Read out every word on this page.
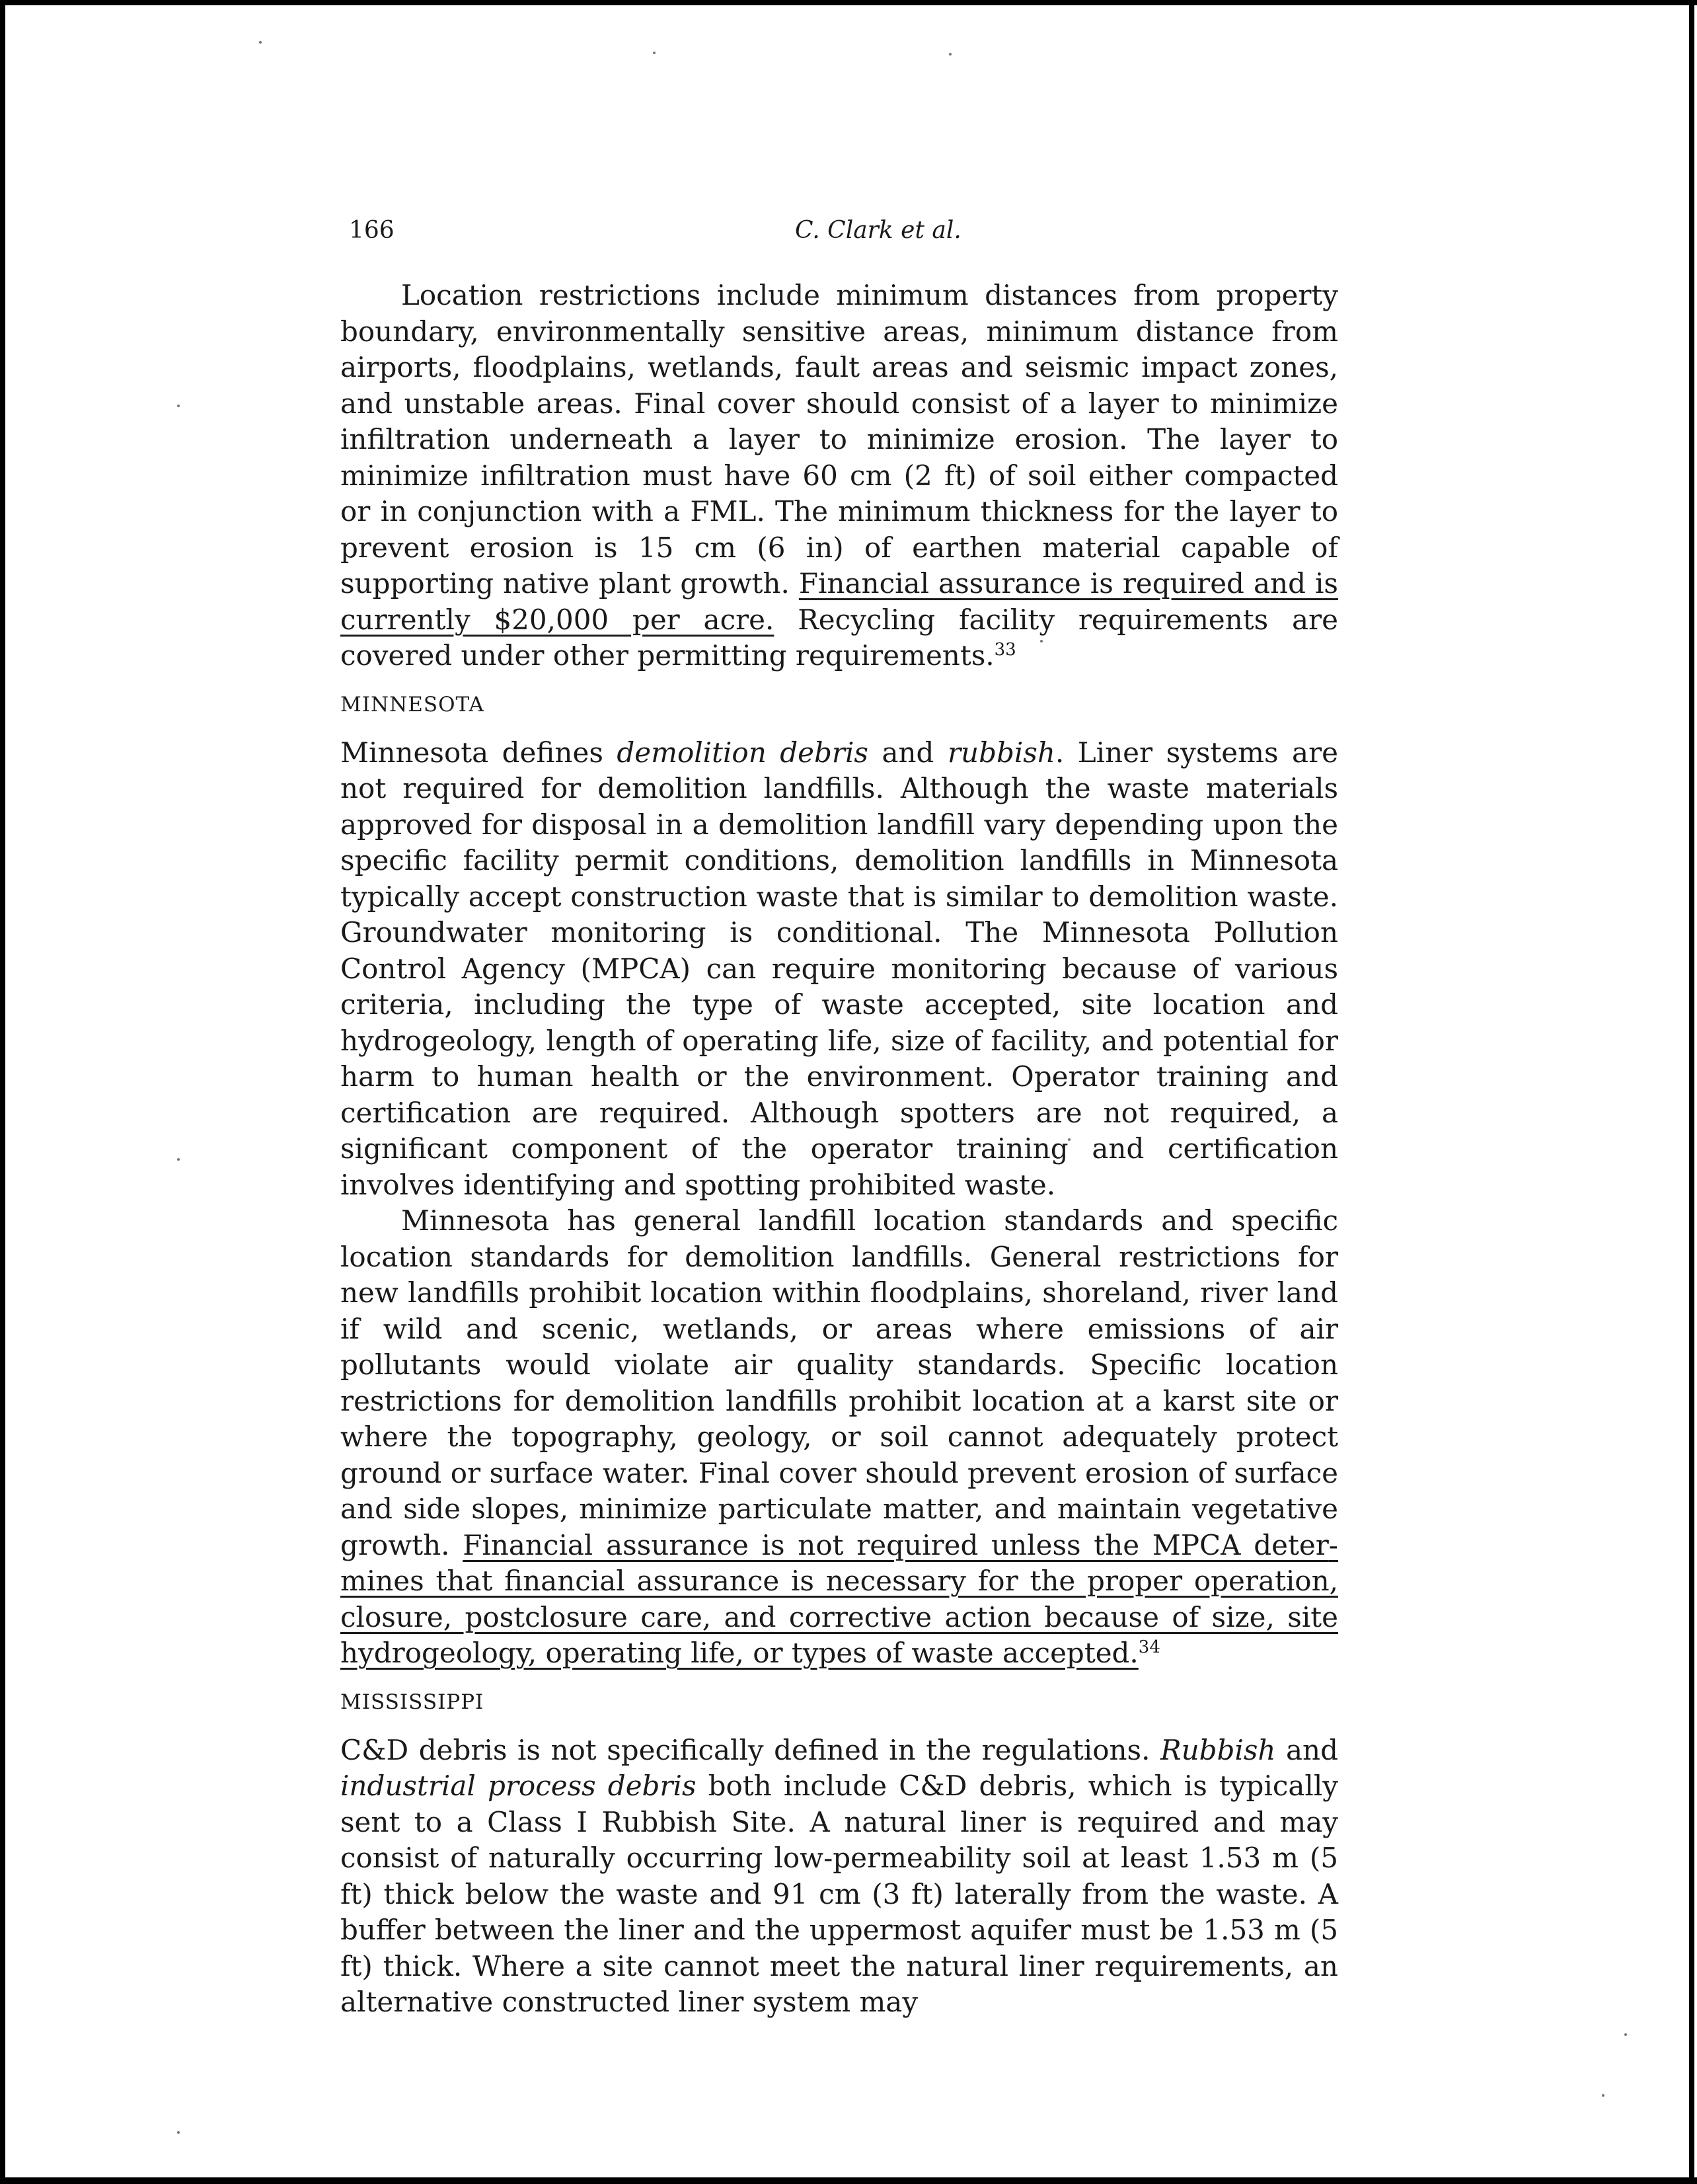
166	C. Clark et al.

Location restrictions include minimum distances from property boundary, environmentally sensitive areas, minimum distance from airports, floodplains, wetlands, fault areas and seismic impact zones, and unstable areas. Final cover should consist of a layer to minimize infiltration underneath a layer to minimize erosion. The layer to minimize infiltration must have 60 cm (2 ft) of soil either compacted or in conjunction with a FML. The minimum thickness for the layer to prevent erosion is 15 cm (6 in) of earthen material capable of supporting native plant growth. Financial assurance is required and is currently $20,000 per acre. Recycling facility requirements are covered under other permitting requirements.$^{33}$

MINNESOTA

Minnesota defines demolition debris and rubbish. Liner systems are not required for demolition landfills. Although the waste materials approved for disposal in a demolition landfill vary depending upon the specific facility permit conditions, demolition landfills in Minnesota typically accept construction waste that is similar to demolition waste. Groundwater monitoring is conditional. The Minnesota Pollution Control Agency (MPCA) can require monitoring because of various criteria, including the type of waste accepted, site location and hydrogeology, length of operating life, size of facility, and potential for harm to human health or the environment. Operator training and certification are required. Although spotters are not required, a significant component of the operator training and certification involves identifying and spotting prohibited waste.

Minnesota has general landfill location standards and specific location standards for demolition landfills. General restrictions for new landfills prohibit location within floodplains, shoreland, river land if wild and scenic, wetlands, or areas where emissions of air pollutants would violate air quality standards. Specific location restrictions for demolition landfills prohibit location at a karst site or where the topography, geology, or soil cannot adequately protect ground or surface water. Final cover should prevent erosion of surface and side slopes, minimize particulate matter, and maintain vegetative growth. Financial assurance is not required unless the MPCA determines that financial assurance is necessary for the proper operation, closure, postclosure care, and corrective action because of size, site hydrogeology, operating life, or types of waste accepted.$^{34}$

MISSISSIPPI

C&D debris is not specifically defined in the regulations. Rubbish and industrial process debris both include C&D debris, which is typically sent to a Class I Rubbish Site. A natural liner is required and may consist of naturally occurring low-permeability soil at least 1.53 m (5 ft) thick below the waste and 91 cm (3 ft) laterally from the waste. A buffer between the liner and the uppermost aquifer must be 1.53 m (5 ft) thick. Where a site cannot meet the natural liner requirements, an alternative constructed liner system may
